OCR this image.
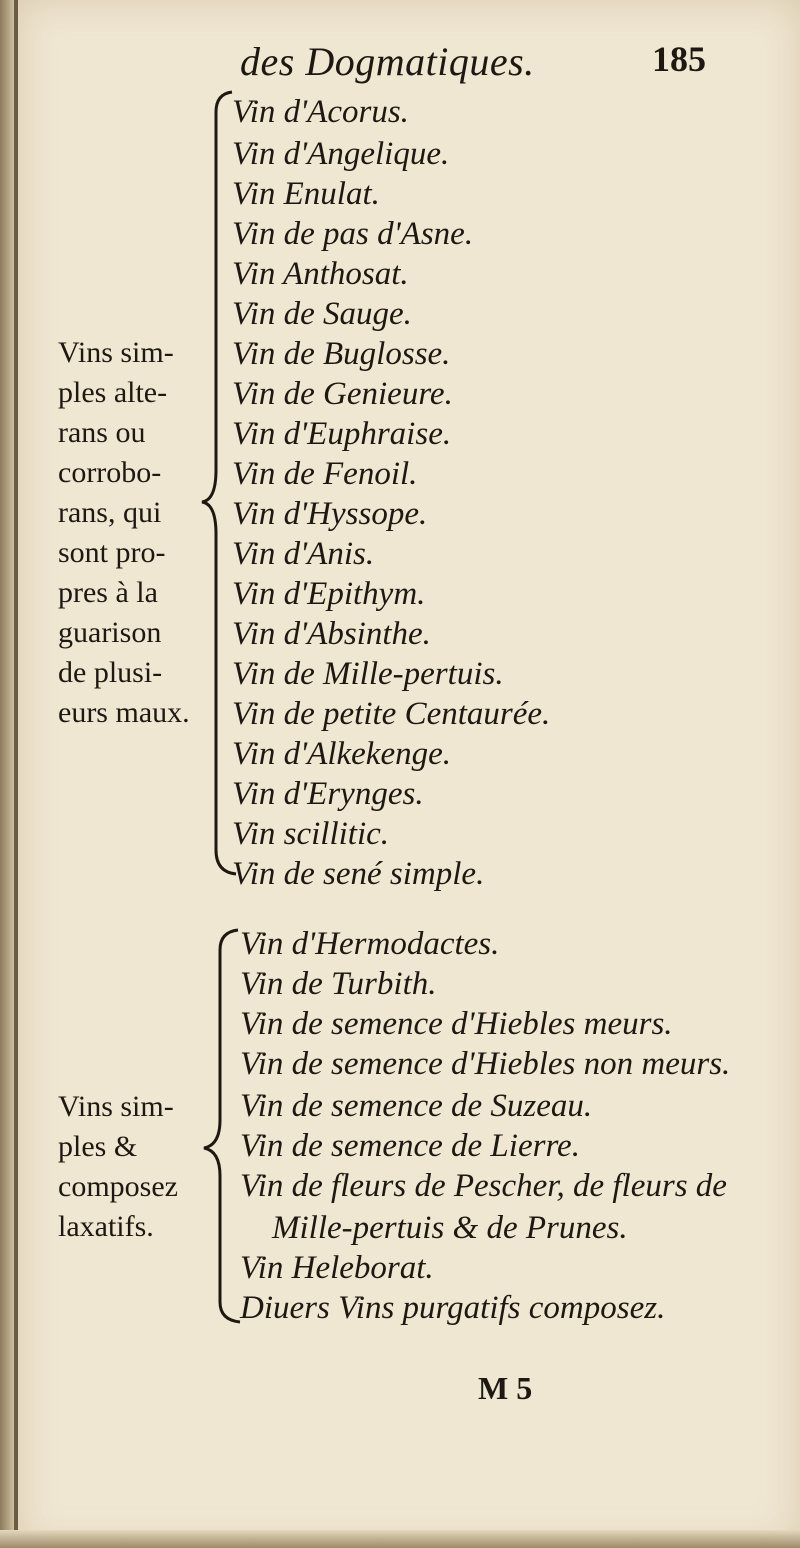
des Dogmatiques.	185
Vins sim-
ples alte-
rans ou
corrobo-
rans, qui
sont pro-
pres à la
guarison
de plusi-
eurs maux.
Vin d'Acorus.
Vin d'Angelique.
Vin Enulat.
Vin de pas d'Asne.
Vin Anthosat.
Vin de Sauge.
Vin de Buglosse.
Vin de Genieure.
Vin d'Euphraise.
Vin de Fenoil.
Vin d'Hyssope.
Vin d'Anis.
Vin d'Epithym.
Vin d'Absinthe.
Vin de Mille-pertuis.
Vin de petite Centaurée.
Vin d'Alkekenge.
Vin d'Erynges.
Vin scillitic.
Vin de sené simple.
Vins sim-
ples &
composez
laxatifs.
Vin d'Hermodactes.
Vin de Turbith.
Vin de semence d'Hiebles meurs.
Vin de semence d'Hiebles non meurs.
Vin de semence de Suzeau.
Vin de semence de Lierre.
Vin de fleurs de Pescher, de fleurs de
Mille-pertuis & de Prunes.
Vin Heleborat.
Diuers Vins purgatifs composez.
M 5
